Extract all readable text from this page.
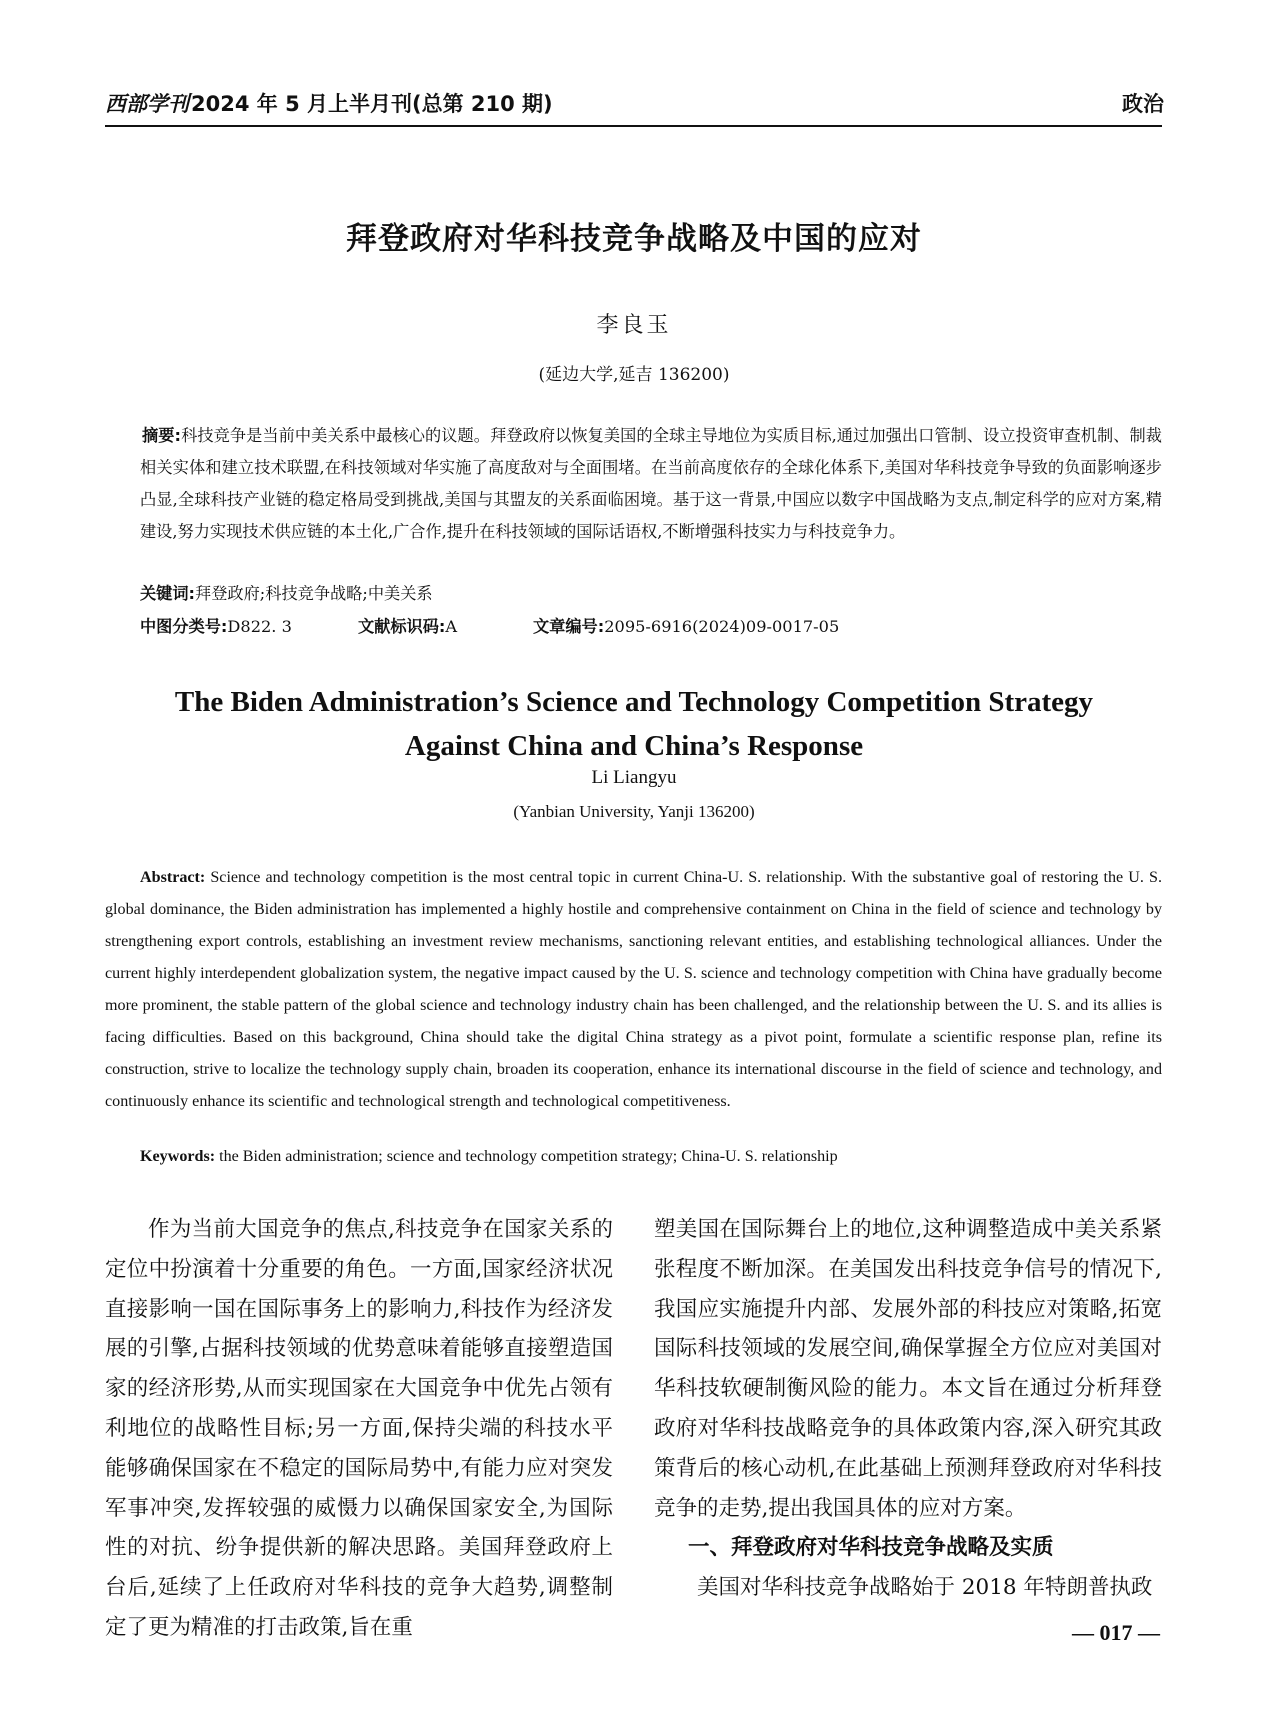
西部学刊2024 年 5 月上半月刊(总第 210 期)	政治
拜登政府对华科技竞争战略及中国的应对
李良玉
(延边大学,延吉 136200)
摘要:科技竞争是当前中美关系中最核心的议题。拜登政府以恢复美国的全球主导地位为实质目标,通过加强出口管制、设立投资审查机制、制裁相关实体和建立技术联盟,在科技领域对华实施了高度敌对与全面围堵。在当前高度依存的全球化体系下,美国对华科技竞争导致的负面影响逐步凸显,全球科技产业链的稳定格局受到挑战,美国与其盟友的关系面临困境。基于这一背景,中国应以数字中国战略为支点,制定科学的应对方案,精建设,努力实现技术供应链的本土化,广合作,提升在科技领域的国际话语权,不断增强科技实力与科技竞争力。
关键词:拜登政府;科技竞争战略;中美关系
中图分类号:D822. 3	文献标识码:A	文章编号:2095-6916(2024)09-0017-05
The Biden Administration’s Science and Technology Competition Strategy
Against China and China’s Response
Li Liangyu
(Yanbian University, Yanji 136200)
Abstract: Science and technology competition is the most central topic in current China-U. S. relationship. With the substantive goal of restoring the U. S. global dominance, the Biden administration has implemented a highly hostile and comprehensive containment on China in the field of science and technology by strengthening export controls, establishing an investment review mechanisms, sanctioning relevant entities, and establishing technological alliances. Under the current highly interdependent globalization system, the negative impact caused by the U. S. science and technology competition with China have gradually become more prominent, the stable pattern of the global science and technology industry chain has been challenged, and the relationship between the U. S. and its allies is facing difficulties. Based on this background, China should take the digital China strategy as a pivot point, formulate a scientific response plan, refine its construction, strive to localize the technology supply chain, broaden its cooperation, enhance its international discourse in the field of science and technology, and continuously enhance its scientific and technological strength and technological competitiveness.
Keywords: the Biden administration; science and technology competition strategy; China-U. S. relationship
作为当前大国竞争的焦点,科技竞争在国家关系的定位中扮演着十分重要的角色。一方面,国家经济状况直接影响一国在国际事务上的影响力,科技作为经济发展的引擎,占据科技领域的优势意味着能够直接塑造国家的经济形势,从而实现国家在大国竞争中优先占领有利地位的战略性目标;另一方面,保持尖端的科技水平能够确保国家在不稳定的国际局势中,有能力应对突发军事冲突,发挥较强的威慑力以确保国家安全,为国际性的对抗、纷争提供新的解决思路。美国拜登政府上台后,延续了上任政府对华科技的竞争大趋势,调整制定了更为精准的打击政策,旨在重
塑美国在国际舞台上的地位,这种调整造成中美关系紧张程度不断加深。在美国发出科技竞争信号的情况下,我国应实施提升内部、发展外部的科技应对策略,拓宽国际科技领域的发展空间,确保掌握全方位应对美国对华科技软硬制衡风险的能力。本文旨在通过分析拜登政府对华科技战略竞争的具体政策内容,深入研究其政策背后的核心动机,在此基础上预测拜登政府对华科技竞争的走势,提出我国具体的应对方案。
一、拜登政府对华科技竞争战略及实质
美国对华科技竞争战略始于 2018 年特朗普执政
— 017 —
